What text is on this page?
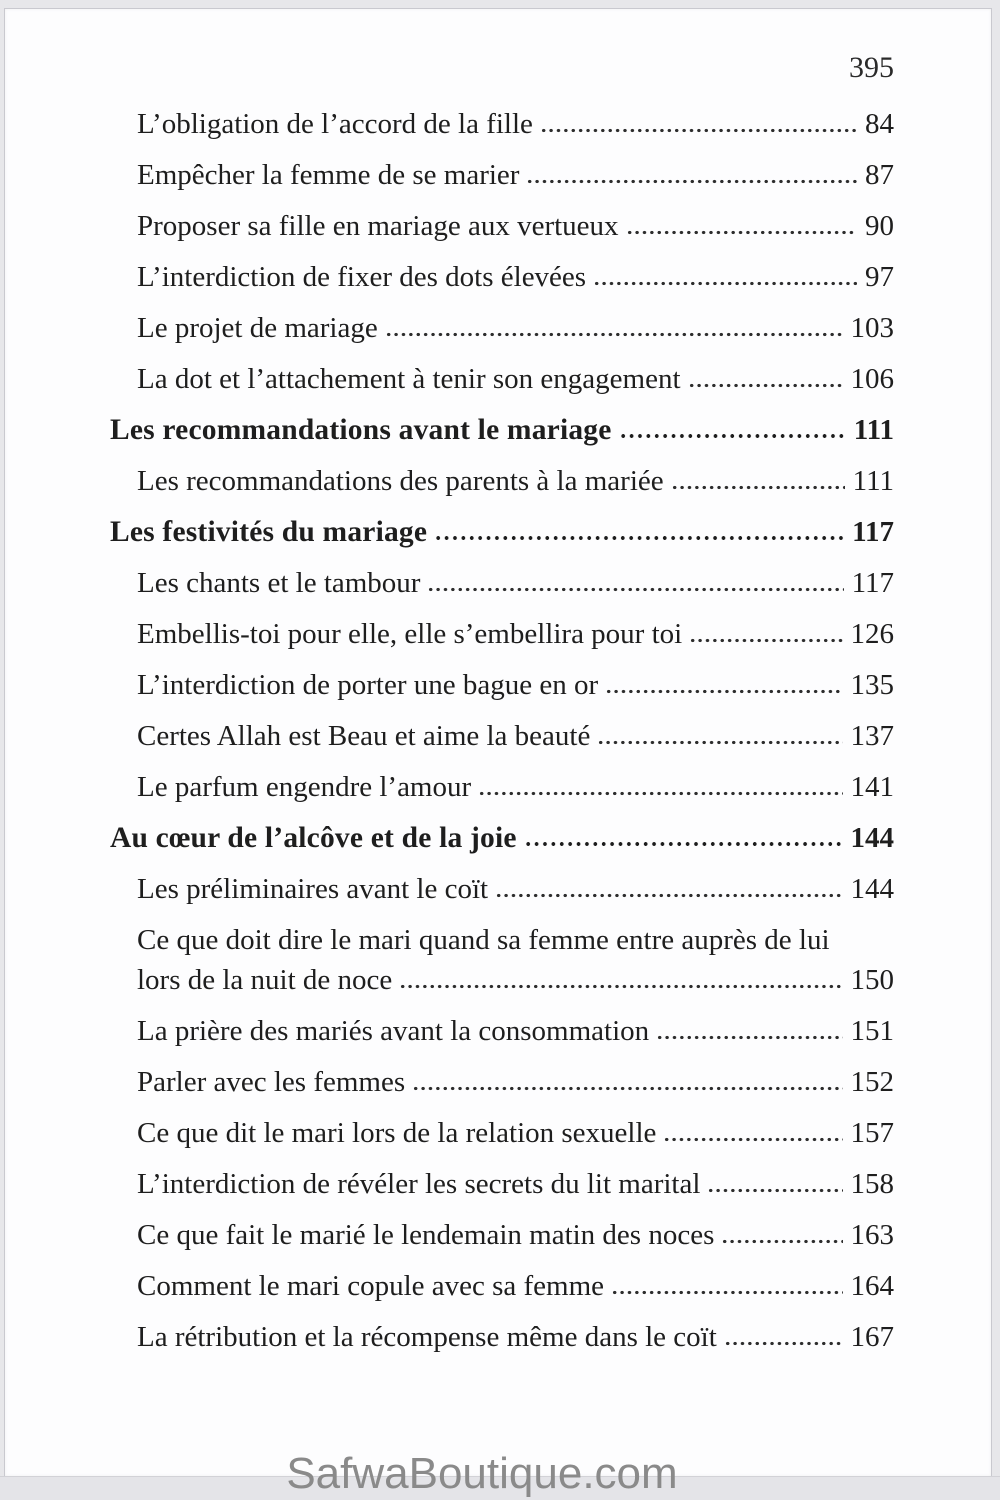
395
L’obligation de l’accord de la fille	84
Empêcher la femme de se marier	87
Proposer sa fille en mariage aux vertueux	90
L’interdiction de fixer des dots élevées	97
Le projet de mariage	103
La dot et l’attachement à tenir son engagement	106
Les recommandations avant le mariage	111
Les recommandations des parents à la mariée	111
Les festivités du mariage	117
Les chants et le tambour	117
Embellis-toi pour elle, elle s’embellira pour toi	126
L’interdiction de porter une bague en or	135
Certes Allah est Beau et aime la beauté	137
Le parfum engendre l’amour	141
Au cœur de l’alcôve et de la joie	144
Les préliminaires avant le coït	144
Ce que doit dire le mari quand sa femme entre auprès de lui
lors de la nuit de noce	150
La prière des mariés avant la consommation	151
Parler avec les femmes	152
Ce que dit le mari lors de la relation sexuelle	157
L’interdiction de révéler les secrets du lit marital	158
Ce que fait le marié le lendemain matin des noces	163
Comment le mari copule avec sa femme	164
La rétribution et la récompense même dans le coït	167
SafwaBoutique.com
